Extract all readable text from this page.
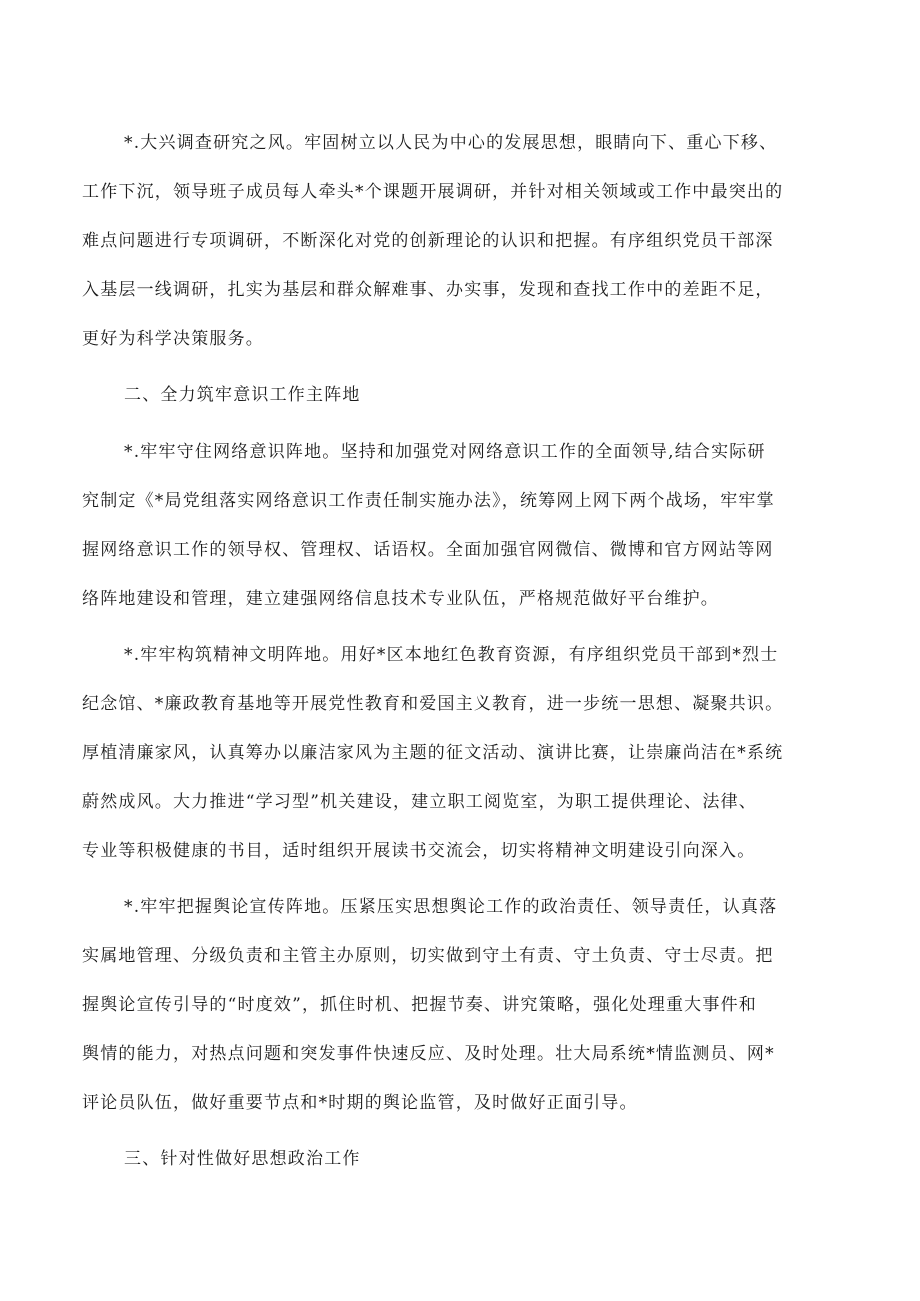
*.大兴调查研究之风。牢固树立以人民为中心的发展思想，眼睛向下、重心下移、
工作下沉，领导班子成员每人牵头*个课题开展调研，并针对相关领域或工作中最突出的
难点问题进行专项调研，不断深化对党的创新理论的认识和把握。有序组织党员干部深
入基层一线调研，扎实为基层和群众解难事、办实事，发现和查找工作中的差距不足，
更好为科学决策服务。
二、全力筑牢意识工作主阵地
*.牢牢守住网络意识阵地。坚持和加强党对网络意识工作的全面领导,结合实际研
究制定《*局党组落实网络意识工作责任制实施办法》，统筹网上网下两个战场，牢牢掌
握网络意识工作的领导权、管理权、话语权。全面加强官网微信、微博和官方网站等网
络阵地建设和管理，建立建强网络信息技术专业队伍，严格规范做好平台维护。
*.牢牢构筑精神文明阵地。用好*区本地红色教育资源，有序组织党员干部到*烈士
纪念馆、*廉政教育基地等开展党性教育和爱国主义教育，进一步统一思想、凝聚共识。
厚植清廉家风，认真筹办以廉洁家风为主题的征文活动、演讲比赛，让崇廉尚洁在*系统
蔚然成风。大力推进“学习型”机关建设，建立职工阅览室，为职工提供理论、法律、
专业等积极健康的书目，适时组织开展读书交流会，切实将精神文明建设引向深入。
*.牢牢把握舆论宣传阵地。压紧压实思想舆论工作的政治责任、领导责任，认真落
实属地管理、分级负责和主管主办原则，切实做到守土有责、守土负责、守士尽责。把
握舆论宣传引导的“时度效”，抓住时机、把握节奏、讲究策略，强化处理重大事件和
舆情的能力，对热点问题和突发事件快速反应、及时处理。壮大局系统*情监测员、网*
评论员队伍，做好重要节点和*时期的舆论监管，及时做好正面引导。
三、针对性做好思想政治工作
